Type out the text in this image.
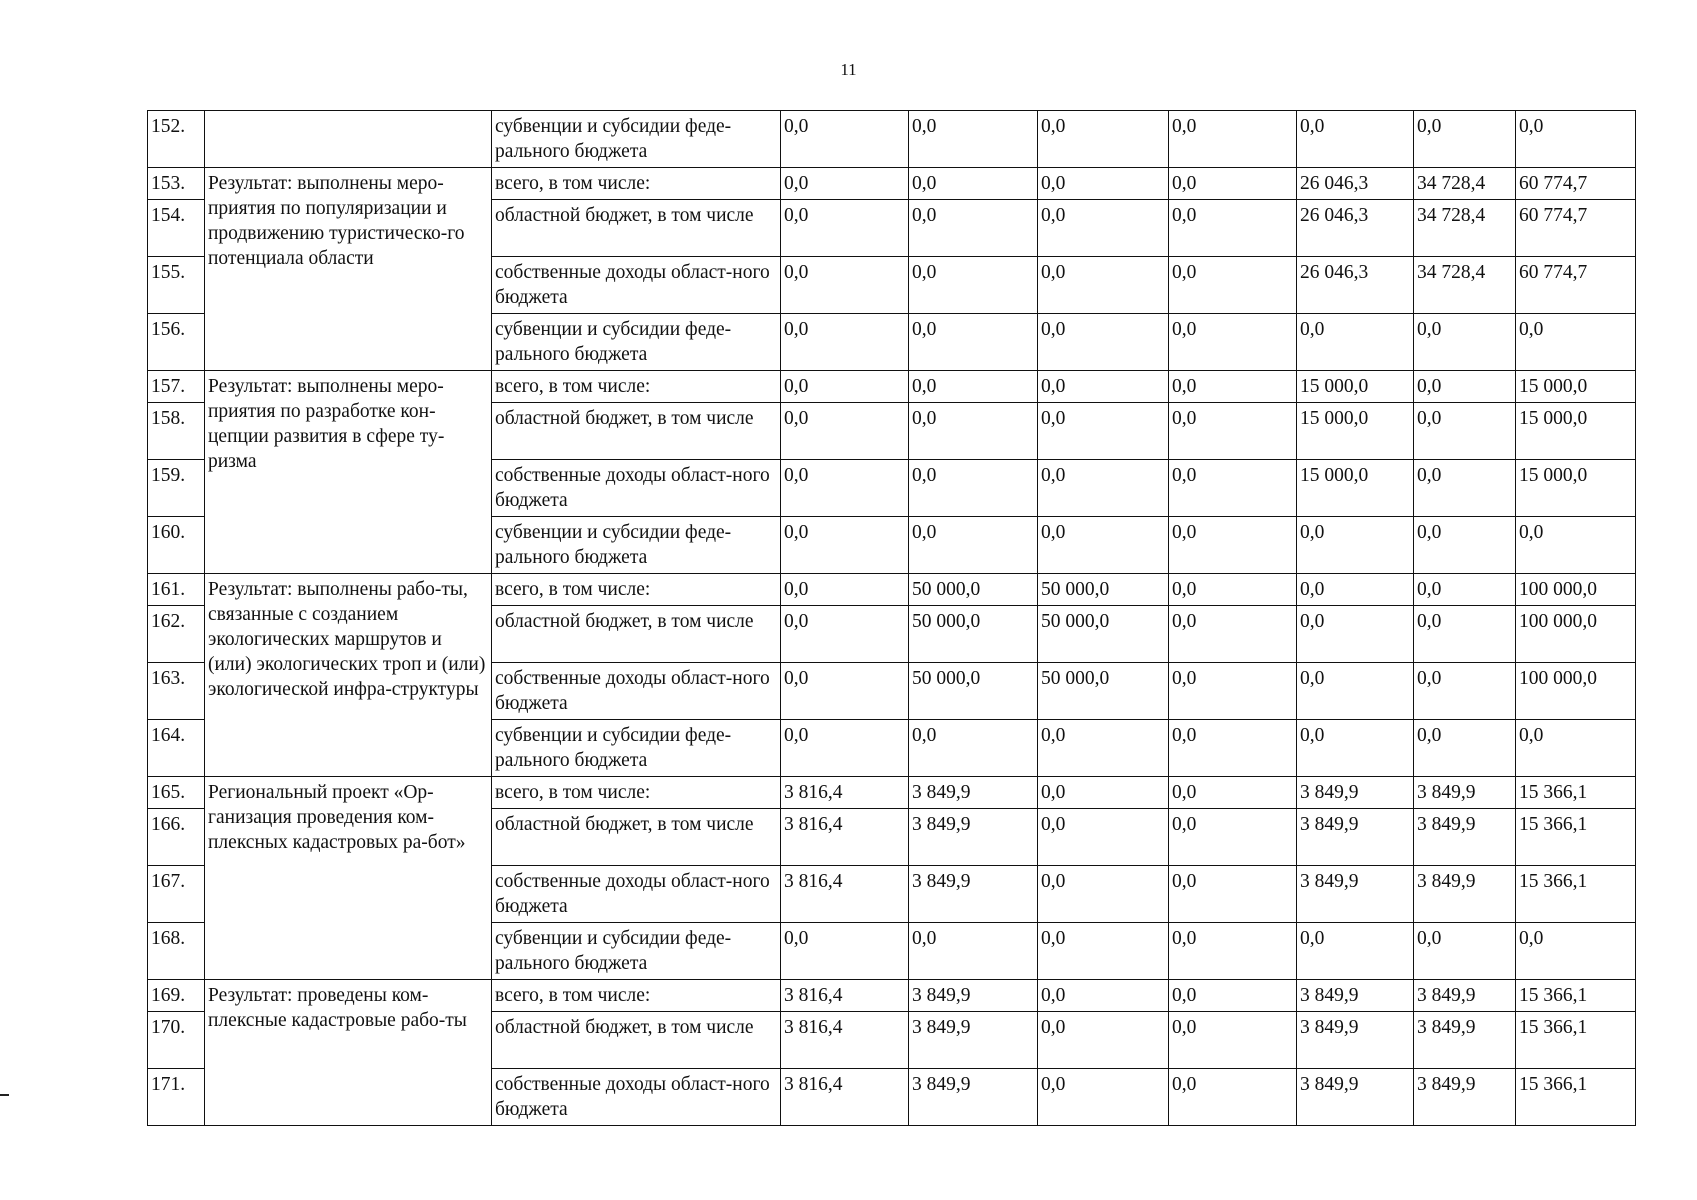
11
152.		субвенции и субсидии феде-рального бюджета	0,0	0,0	0,0	0,0	0,0	0,0	0,0
153.	Результат: выполнены меро-приятия по популяризации и продвижению туристическо-го потенциала области	всего, в том числе:	0,0	0,0	0,0	0,0	26 046,3	34 728,4	60 774,7
154.		областной бюджет, в том числе	0,0	0,0	0,0	0,0	26 046,3	34 728,4	60 774,7
155.		собственные доходы област-ного бюджета	0,0	0,0	0,0	0,0	26 046,3	34 728,4	60 774,7
156.		субвенции и субсидии феде-рального бюджета	0,0	0,0	0,0	0,0	0,0	0,0	0,0
157.	Результат: выполнены меро-приятия по разработке кон-цепции развития в сфере ту-ризма	всего, в том числе:	0,0	0,0	0,0	0,0	15 000,0	0,0	15 000,0
158.		областной бюджет, в том числе	0,0	0,0	0,0	0,0	15 000,0	0,0	15 000,0
159.		собственные доходы област-ного бюджета	0,0	0,0	0,0	0,0	15 000,0	0,0	15 000,0
160.		субвенции и субсидии феде-рального бюджета	0,0	0,0	0,0	0,0	0,0	0,0	0,0
161.	Результат: выполнены рабо-ты, связанные с созданием экологических маршрутов и (или) экологических троп и (или) экологической инфра-структуры	всего, в том числе:	0,0	50 000,0	50 000,0	0,0	0,0	0,0	100 000,0
162.		областной бюджет, в том числе	0,0	50 000,0	50 000,0	0,0	0,0	0,0	100 000,0
163.		собственные доходы област-ного бюджета	0,0	50 000,0	50 000,0	0,0	0,0	0,0	100 000,0
164.		субвенции и субсидии феде-рального бюджета	0,0	0,0	0,0	0,0	0,0	0,0	0,0
165.	Региональный проект «Ор-ганизация проведения ком-плексных кадастровых ра-бот»	всего, в том числе:	3 816,4	3 849,9	0,0	0,0	3 849,9	3 849,9	15 366,1
166.		областной бюджет, в том числе	3 816,4	3 849,9	0,0	0,0	3 849,9	3 849,9	15 366,1
167.		собственные доходы област-ного бюджета	3 816,4	3 849,9	0,0	0,0	3 849,9	3 849,9	15 366,1
168.		субвенции и субсидии феде-рального бюджета	0,0	0,0	0,0	0,0	0,0	0,0	0,0
169.	Результат: проведены ком-плексные кадастровые рабо-ты	всего, в том числе:	3 816,4	3 849,9	0,0	0,0	3 849,9	3 849,9	15 366,1
170.		областной бюджет, в том числе	3 816,4	3 849,9	0,0	0,0	3 849,9	3 849,9	15 366,1
171.		собственные доходы област-ного бюджета	3 816,4	3 849,9	0,0	0,0	3 849,9	3 849,9	15 366,1
